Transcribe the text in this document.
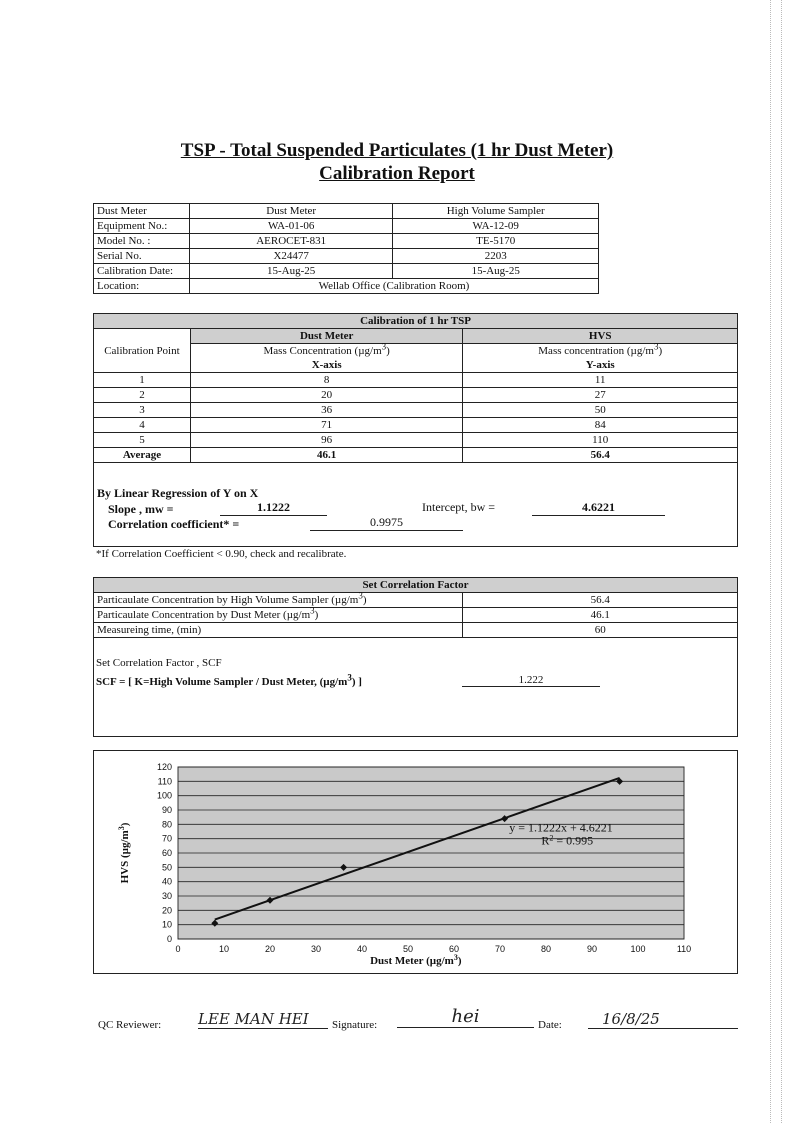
TSP - Total Suspended Particulates (1 hr Dust Meter)
Calibration Report
Dust Meter	Dust Meter	High Volume Sampler
Equipment No.:	WA-01-06	WA-12-09
Model No. :	AEROCET-831	TE-5170
Serial No.	X24477	2203
Calibration Date:	15-Aug-25	15-Aug-25
Location:	Wellab Office (Calibration Room)	
Calibration of 1 hr TSP		
Calibration Point	Dust Meter	HVS
	Mass Concentration $(\mu g/m^3)$	Mass concentration $(\mu g/m^3)$
	X-axis	Y-axis
1	8	11
2	20	27
3	36	50
4	71	84
5	96	110
Average	46.1	56.4
By Linear Regression of Y on X
Slope , mw =	1.1222	Intercept, bw =	4.6221
Correlation coefficient* =	0.9975
*If Correlation Coefficient < 0.90, check and recalibrate.
Set Correlation Factor	
Particaulate Concentration by High Volume Sampler $(\mu g/m^3)$	56.4
Particaulate Concentration by Dust Meter $(\mu g/m^3)$	46.1
Measureing time, (min)	60
Set Correlation Factor , SCF
SCF = [ K=High Volume Sampler / Dust Meter, $(\mu g/m^3)$ ]	1.222
0
10
20
30
40
50
60
70
80
90
100
110
120
0	10	20	30	40	50	60	70	80	90	100	110
y = 1.1222x + 4.6221
$R^2 = 0.995$
Dust Meter $(\mu g/m^3)$
HVS $(\mu g/m^3)$
QC Reviewer: LEE MAN HEI	Signature:	hei	Date:	16/8/25
